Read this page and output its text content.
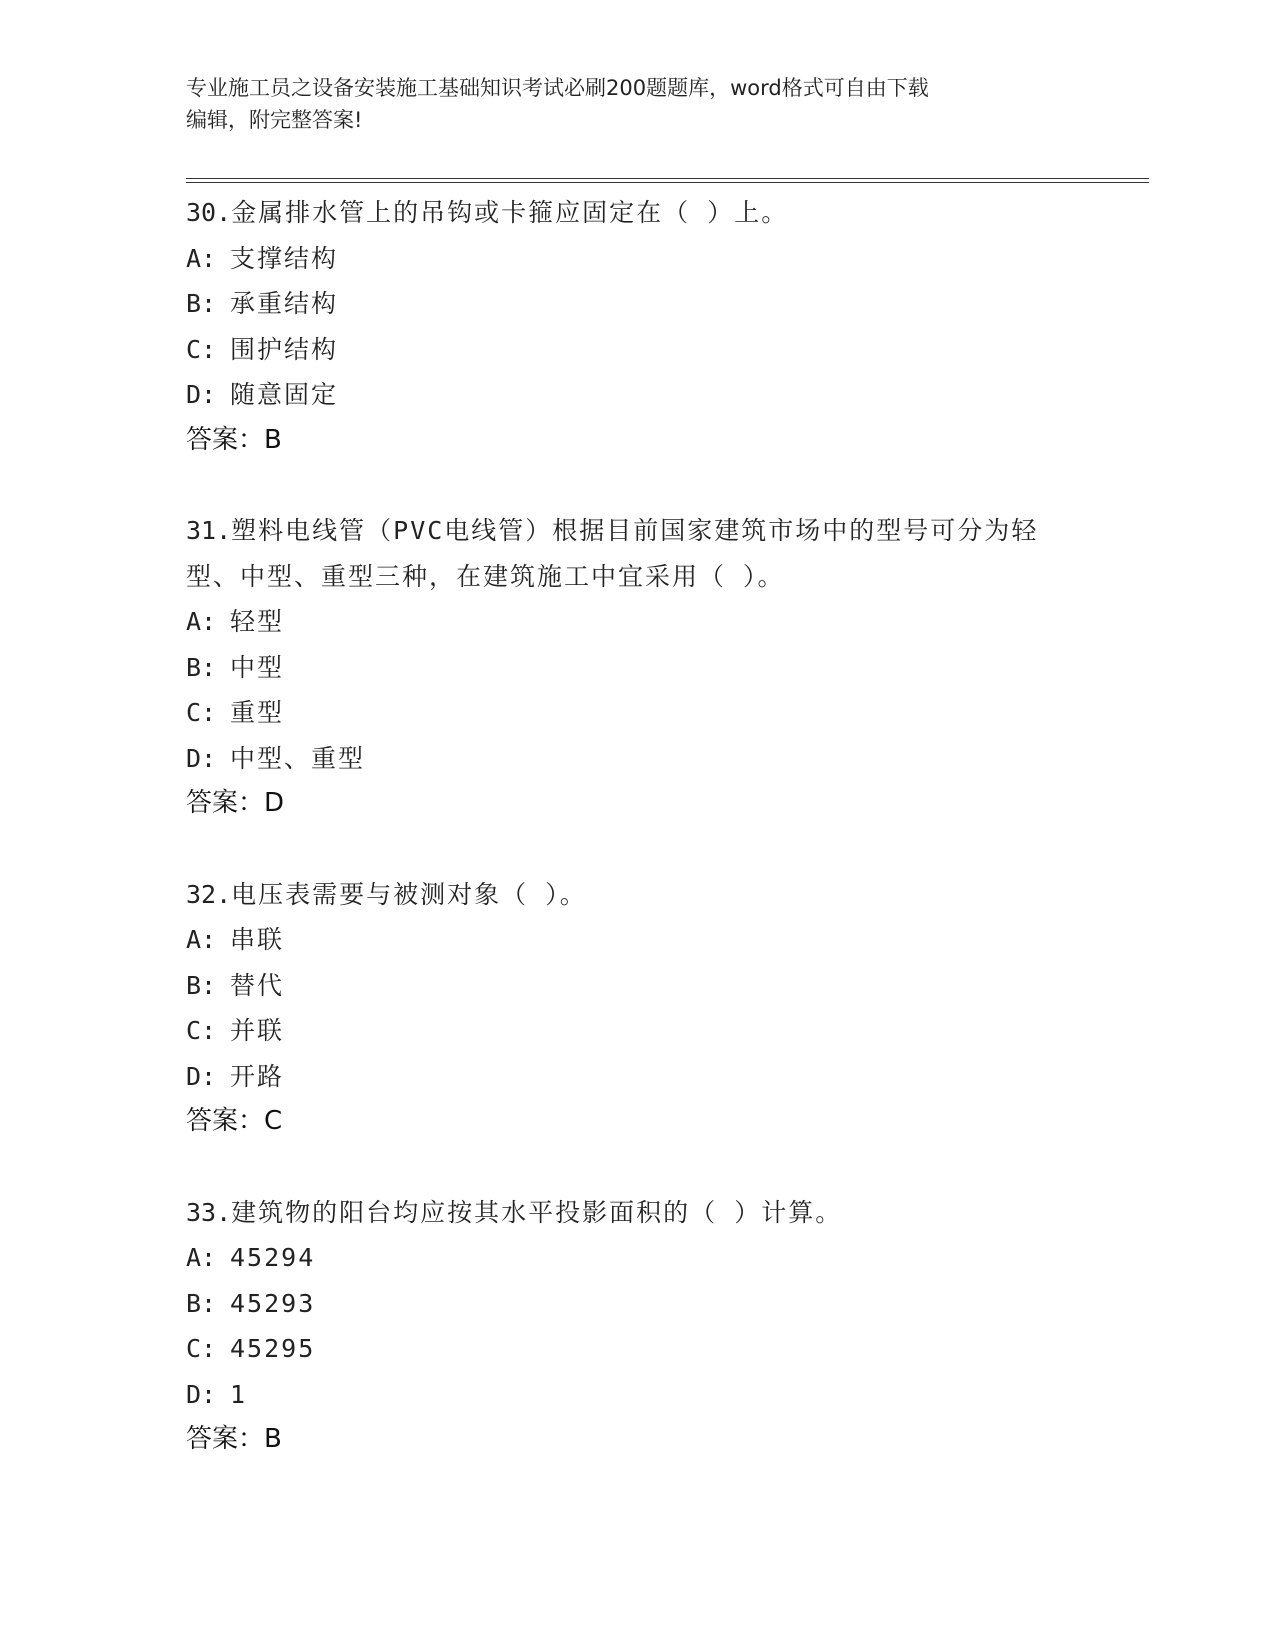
专业施工员之设备安装施工基础知识考试必刷200题题库，word格式可自由下载
编辑，附完整答案!
30.金属排水管上的吊钩或卡箍应固定在（ ）上。
A: 支撑结构
B: 承重结构
C: 围护结构
D: 随意固定
答案：B
31.塑料电线管（PVC电线管）根据目前国家建筑市场中的型号可分为轻型、中型、重型三种，在建筑施工中宜采用（ ）。
A: 轻型
B: 中型
C: 重型
D: 中型、重型
答案：D
32.电压表需要与被测对象（ ）。
A: 串联
B: 替代
C: 并联
D: 开路
答案：C
33.建筑物的阳台均应按其水平投影面积的（ ）计算。
A: 45294
B: 45293
C: 45295
D: 1
答案：B
